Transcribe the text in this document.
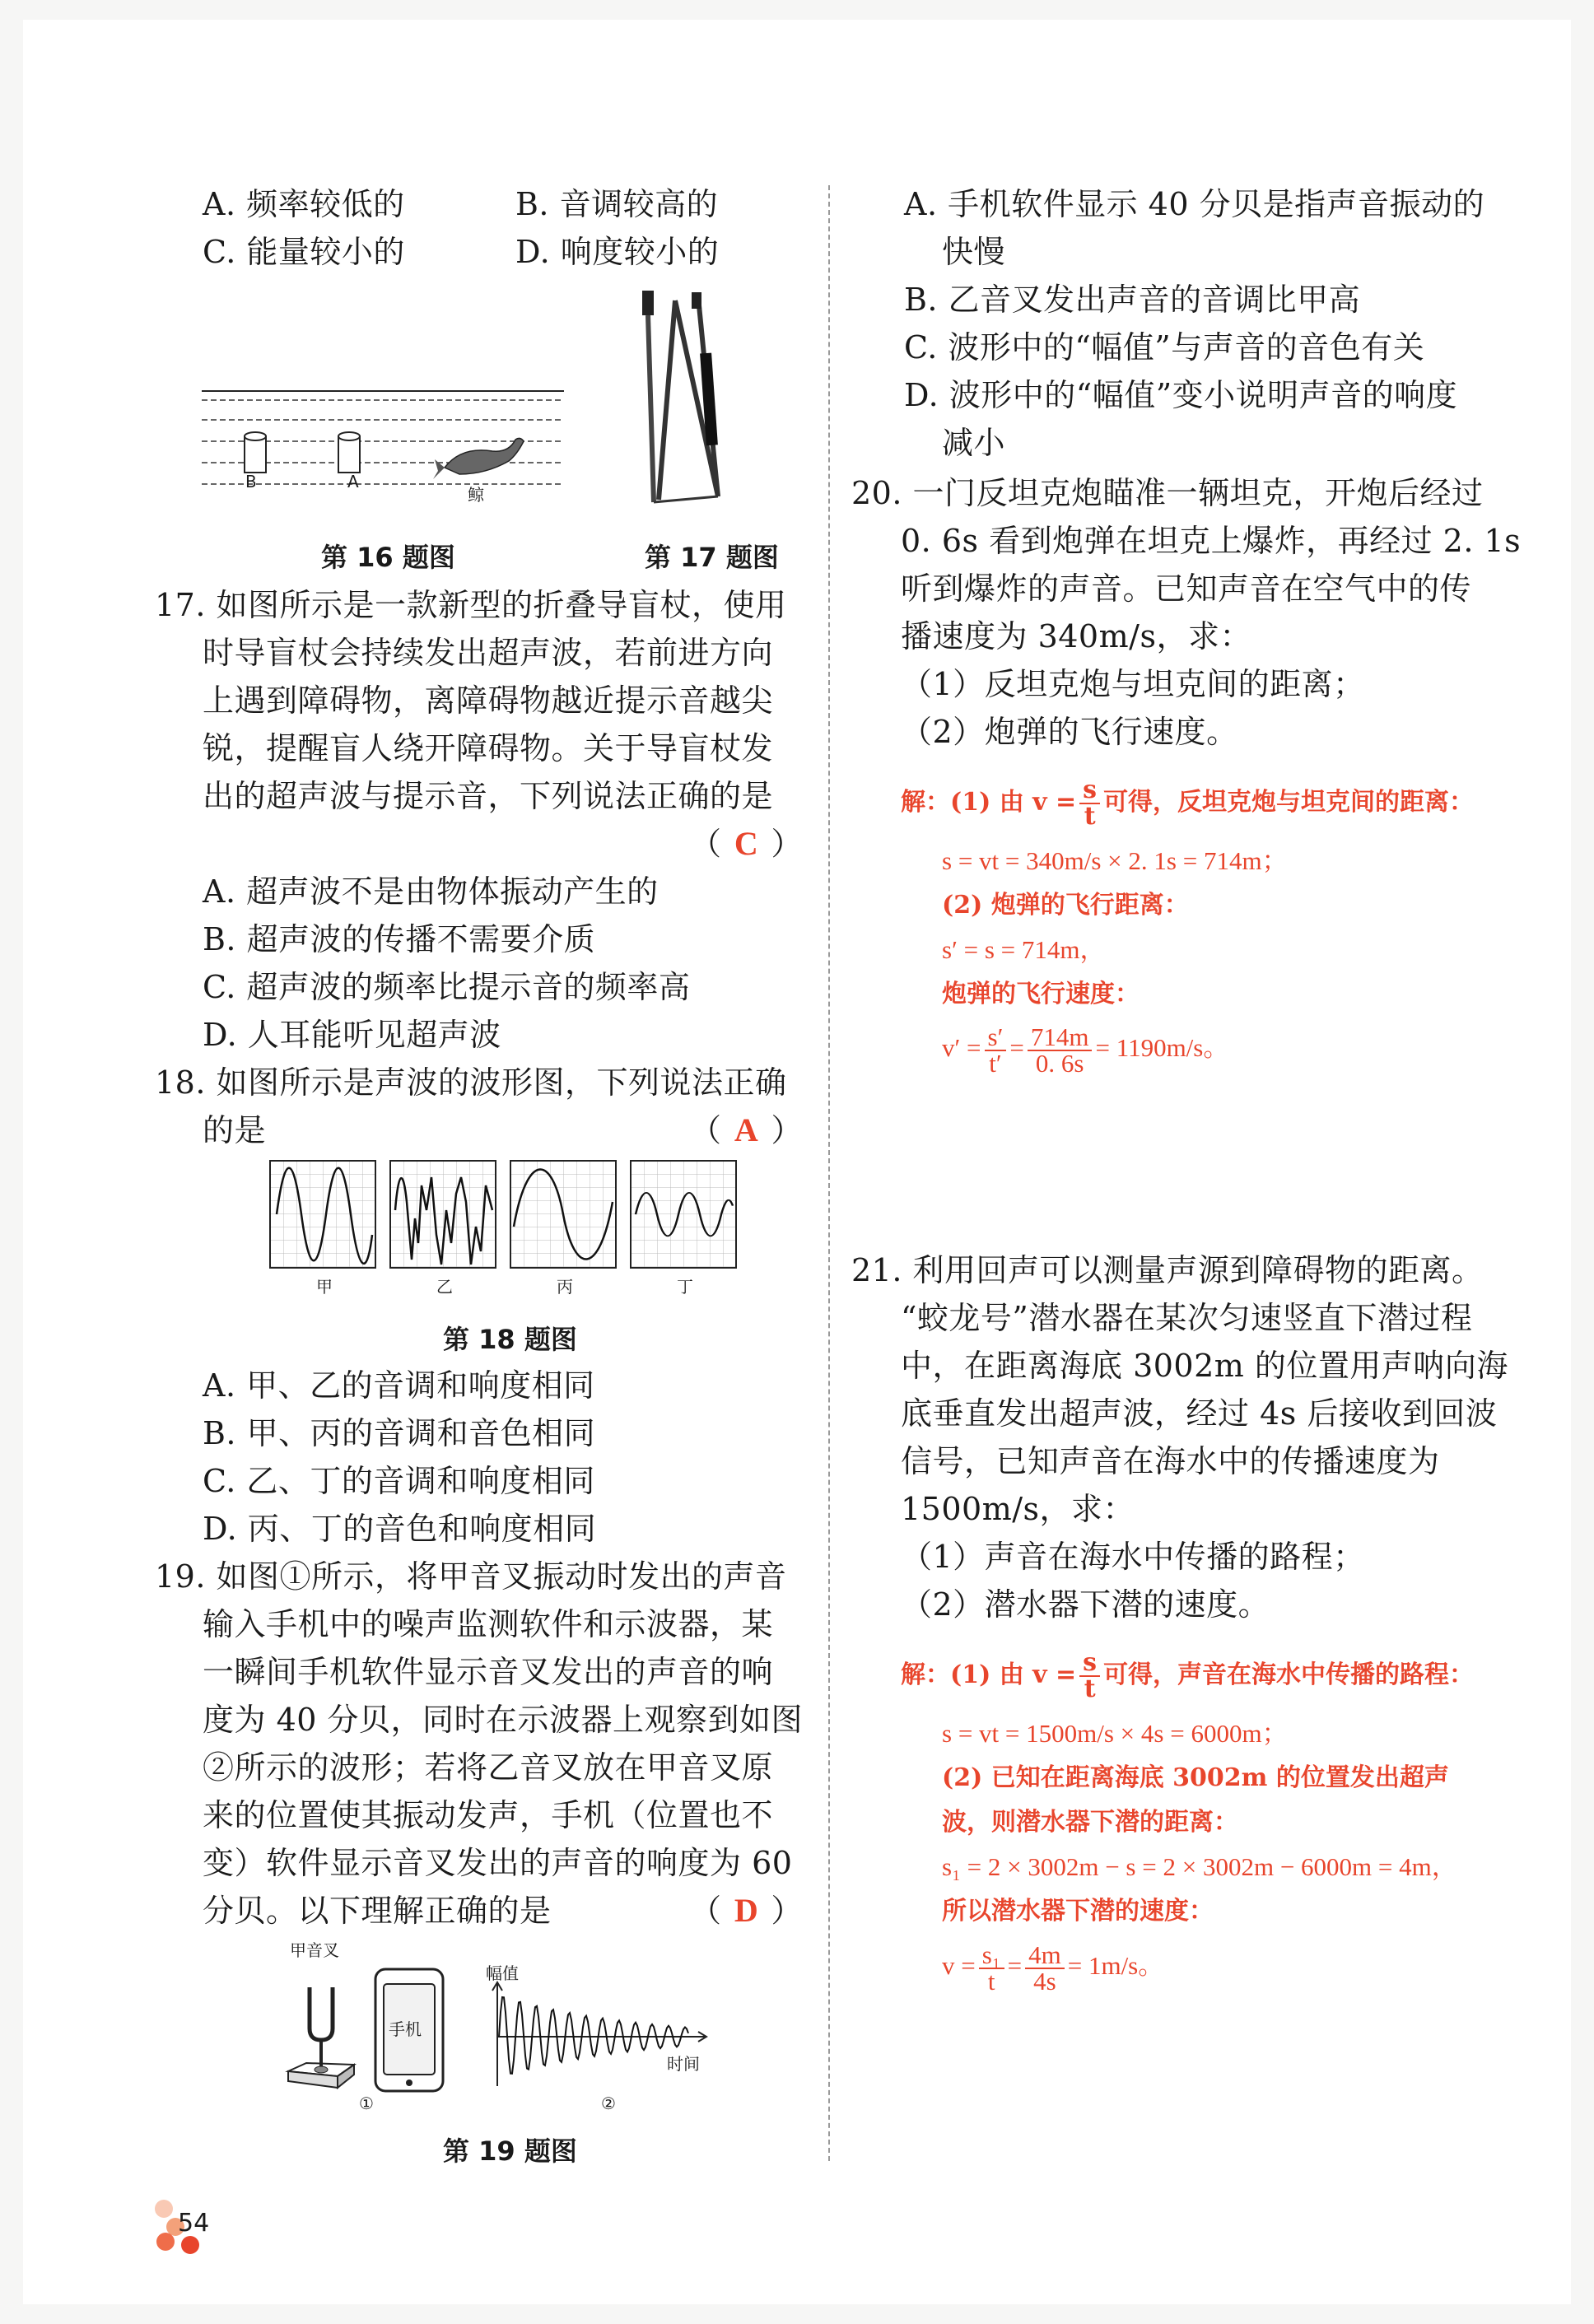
A. 频率较低的	B. 音调较高的
C. 能量较小的	D. 响度较小的
B	A
鲸
第 16 题图	第 17 题图
17. 如图所示是一款新型的折叠导盲杖，使用
时导盲杖会持续发出超声波，若前进方向
上遇到障碍物，离障碍物越近提示音越尖
锐，提醒盲人绕开障碍物。关于导盲杖发
出的超声波与提示音，下列说法正确的是
（ C ）
A. 超声波不是由物体振动产生的
B. 超声波的传播不需要介质
C. 超声波的频率比提示音的频率高
D. 人耳能听见超声波
18. 如图所示是声波的波形图，下列说法正确
的是	（ A ）
甲	乙	丙	丁
第 18 题图
A. 甲、乙的音调和响度相同
B. 甲、丙的音调和音色相同
C. 乙、丁的音调和响度相同
D. 丙、丁的音色和响度相同
19. 如图①所示，将甲音叉振动时发出的声音
输入手机中的噪声监测软件和示波器，某
一瞬间手机软件显示音叉发出的声音的响
度为 40 分贝，同时在示波器上观察到如图
②所示的波形；若将乙音叉放在甲音叉原
来的位置使其振动发声，手机（位置也不
变）软件显示音叉发出的声音的响度为 60
分贝。以下理解正确的是	（ D ）
甲音叉
手机
幅值
时间
①	②
第 19 题图
54
A. 手机软件显示 40 分贝是指声音振动的
快慢
B. 乙音叉发出声音的音调比甲高
C. 波形中的“幅值”与声音的音色有关
D. 波形中的“幅值”变小说明声音的响度
减小
20. 一门反坦克炮瞄准一辆坦克，开炮后经过
0. 6s 看到炮弹在坦克上爆炸，再经过 2. 1s
听到爆炸的声音。已知声音在空气中的传
播速度为 340m/s，求：
（1）反坦克炮与坦克间的距离；
（2）炮弹的飞行速度。
解：(1) 由 $v = \frac{s}{t}$ 可得，反坦克炮与坦克间的距离：
s = vt = 340m/s × 2. 1s = 714m；
(2) 炮弹的飞行距离：
s′ = s = 714m，
炮弹的飞行速度：
$v' = \frac{s'}{t'} = \frac{714m}{0. 6s} = 1190m/s$。
21. 利用回声可以测量声源到障碍物的距离。
“蛟龙号”潜水器在某次匀速竖直下潜过程
中，在距离海底 3002m 的位置用声呐向海
底垂直发出超声波，经过 4s 后接收到回波
信号，已知声音在海水中的传播速度为
1500m/s，求：
（1）声音在海水中传播的路程；
（2）潜水器下潜的速度。
解：(1) 由 $v = \frac{s}{t}$ 可得，声音在海水中传播的路程：
s = vt = 1500m/s × 4s = 6000m；
(2) 已知在距离海底 3002m 的位置发出超声
波，则潜水器下潜的距离：
s₁ = 2 × 3002m − s = 2 × 3002m − 6000m = 4m，
所以潜水器下潜的速度：
$v = \frac{\text{s₁}}{t} = \frac{4m}{4s} = 1m/s$。
